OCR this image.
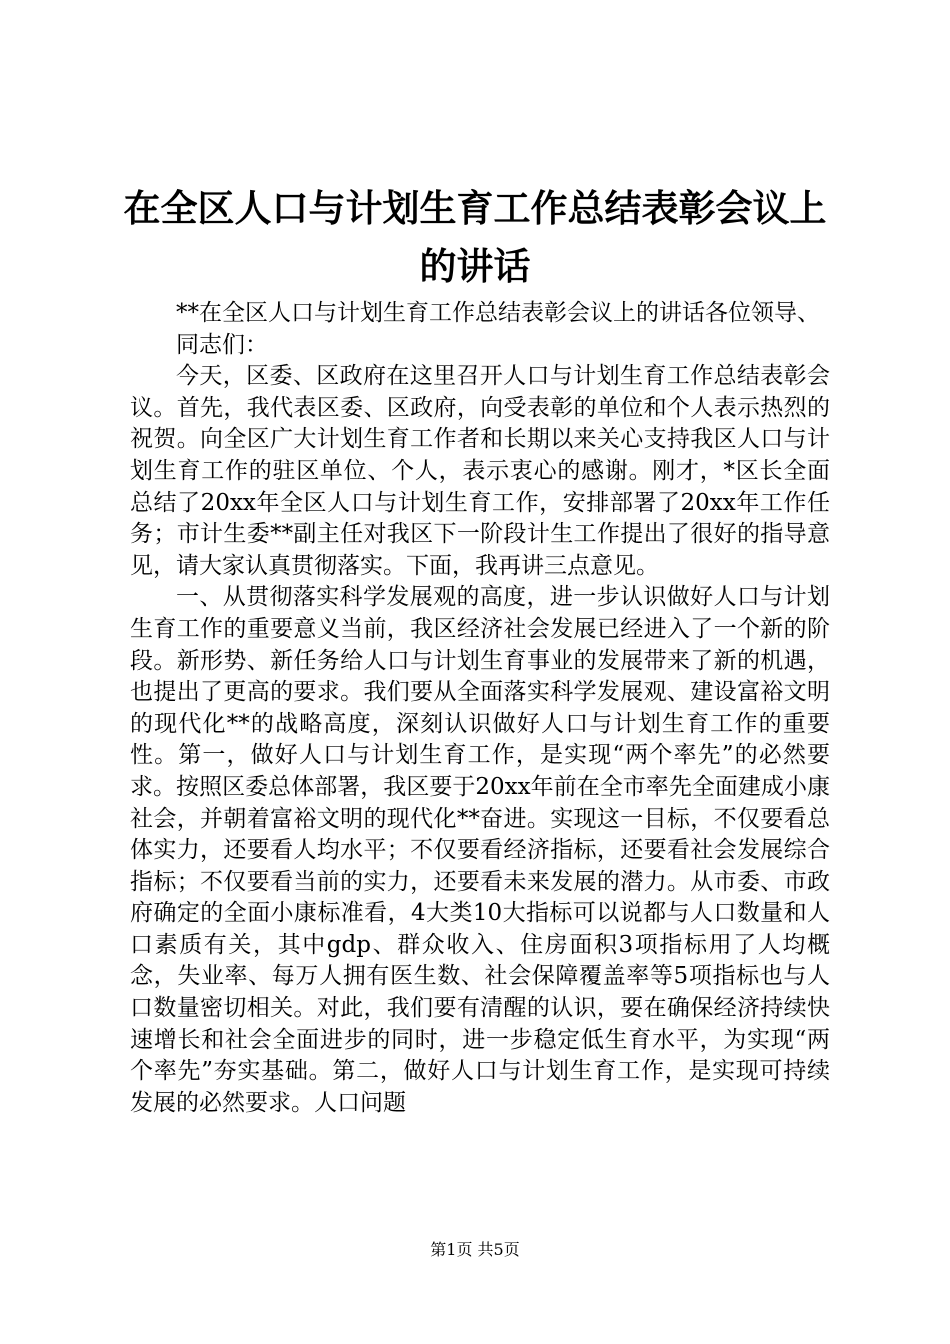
在全区人口与计划生育工作总结表彰会议上的讲话

**在全区人口与计划生育工作总结表彰会议上的讲话各位领导、

同志们：

今天，区委、区政府在这里召开人口与计划生育工作总结表彰会议。首先，我代表区委、区政府，向受表彰的单位和个人表示热烈的祝贺。向全区广大计划生育工作者和长期以来关心支持我区人口与计划生育工作的驻区单位、个人，表示衷心的感谢。刚才，*区长全面总结了20xx年全区人口与计划生育工作，安排部署了20xx年工作任务；市计生委**副主任对我区下一阶段计生工作提出了很好的指导意见，请大家认真贯彻落实。下面，我再讲三点意见。

一、从贯彻落实科学发展观的高度，进一步认识做好人口与计划生育工作的重要意义当前，我区经济社会发展已经进入了一个新的阶段。新形势、新任务给人口与计划生育事业的发展带来了新的机遇，也提出了更高的要求。我们要从全面落实科学发展观、建设富裕文明的现代化**的战略高度，深刻认识做好人口与计划生育工作的重要性。第一，做好人口与计划生育工作，是实现“两个率先”的必然要求。按照区委总体部署，我区要于20xx年前在全市率先全面建成小康社会，并朝着富裕文明的现代化**奋进。实现这一目标，不仅要看总体实力，还要看人均水平；不仅要看经济指标，还要看社会发展综合指标；不仅要看当前的实力，还要看未来发展的潜力。从市委、市政府确定的全面小康标准看，4大类10大指标可以说都与人口数量和人口素质有关，其中gdp、群众收入、住房面积3项指标用了人均概念，失业率、每万人拥有医生数、社会保障覆盖率等5项指标也与人口数量密切相关。对此，我们要有清醒的认识，要在确保经济持续快速增长和社会全面进步的同时，进一步稳定低生育水平，为实现“两个率先”夯实基础。第二，做好人口与计划生育工作，是实现可持续发展的必然要求。人口问题

第1页 共5页
